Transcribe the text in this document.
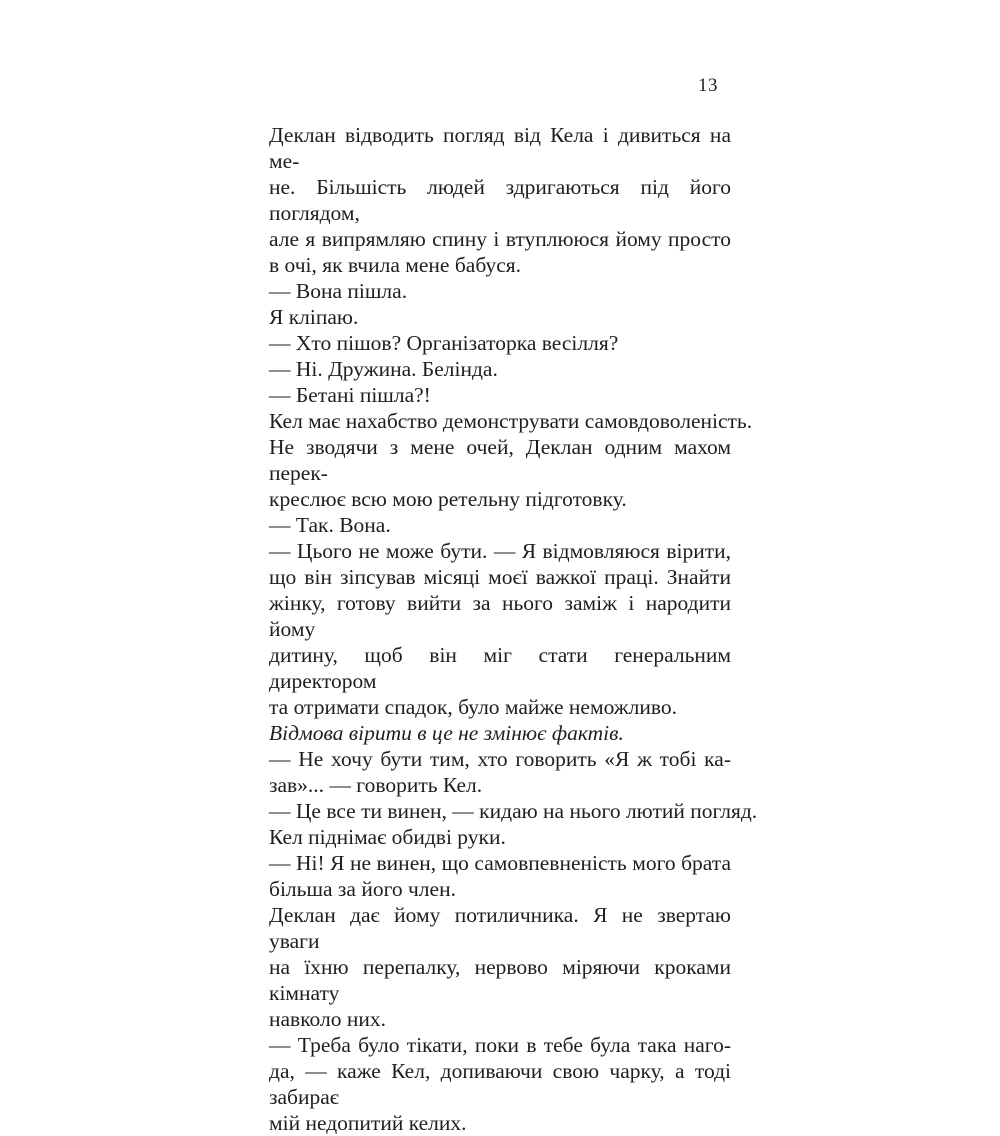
13

Деклан відводить погляд від Кела і дивиться на ме-
не. Більшість людей здригаються під його поглядом,
але я випрямляю спину і втуплююся йому просто
в очі, як вчила мене бабуся.

— Вона пішла.

Я кліпаю.

— Хто пішов? Організаторка весілля?

— Ні. Дружина. Белінда.

— Бетані пішла?!

Кел має нахабство демонструвати самовдоволеність.

Не зводячи з мене очей, Деклан одним махом перек-
креслює всю мою ретельну підготовку.

— Так. Вона.

— Цього не може бути. — Я відмовляюся вірити,
що він зіпсував місяці моєї важкої праці. Знайти
жінку, готову вийти за нього заміж і народити йому
дитину, щоб він міг стати генеральним директором
та отримати спадок, було майже неможливо.

Відмова вірити в це не змінює фактів.

— Не хочу бути тим, хто говорить «Я ж тобі ка-
зав»... — говорить Кел.

— Це все ти винен, — кидаю на нього лютий погляд.

Кел піднімає обидві руки.

— Ні! Я не винен, що самовпевненість мого брата
більша за його член.

Деклан дає йому потиличника. Я не звертаю уваги
на їхню перепалку, нервово міряючи кроками кімнату
навколо них.

— Треба було тікати, поки в тебе була така наго-
да, — каже Кел, допиваючи свою чарку, а тоді забирає
мій недопитий келих.
